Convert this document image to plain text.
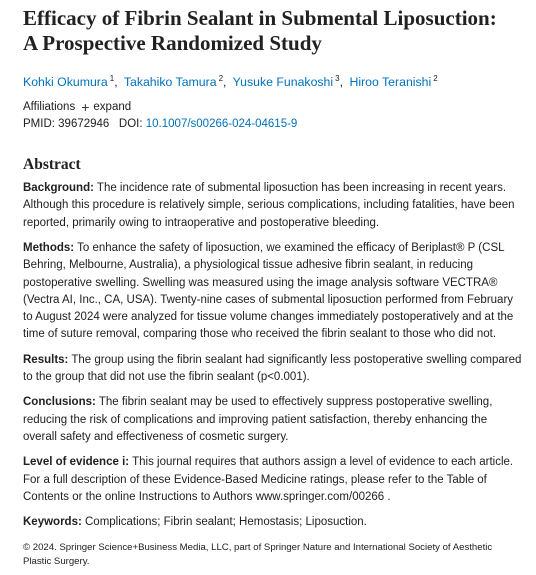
Efficacy of Fibrin Sealant in Submental Liposuction:
A Prospective Randomized Study
Kohki Okumura $^1$, Takahiko Tamura $^2$, Yusuke Funakoshi $^3$, Hiroo Teranishi $^2$
Affiliations + expand
PMID: 39672946 DOI: 10.1007/s00266-024-04615-9
Abstract

Background: The incidence rate of submental liposuction has been increasing in recent years. Although this procedure is relatively simple, serious complications, including fatalities, have been reported, primarily owing to intraoperative and postoperative bleeding.

Methods: To enhance the safety of liposuction, we examined the efficacy of Beriplast® P (CSL Behring, Melbourne, Australia), a physiological tissue adhesive fibrin sealant, in reducing postoperative swelling. Swelling was measured using the image analysis software VECTRA® (Vectra AI, Inc., CA, USA). Twenty-nine cases of submental liposuction performed from February to August 2024 were analyzed for tissue volume changes immediately postoperatively and at the time of suture removal, comparing those who received the fibrin sealant to those who did not.

Results: The group using the fibrin sealant had significantly less postoperative swelling compared to the group that did not use the fibrin sealant (p<0.001).

Conclusions: The fibrin sealant may be used to effectively suppress postoperative swelling, reducing the risk of complications and improving patient satisfaction, thereby enhancing the overall safety and effectiveness of cosmetic surgery.

Level of evidence i: This journal requires that authors assign a level of evidence to each article. For a full description of these Evidence-Based Medicine ratings, please refer to the Table of Contents or the online Instructions to Authors www.springer.com/00266 .

Keywords: Complications; Fibrin sealant; Hemostasis; Liposuction.

© 2024. Springer Science+Business Media, LLC, part of Springer Nature and International Society of Aesthetic Plastic Surgery.
